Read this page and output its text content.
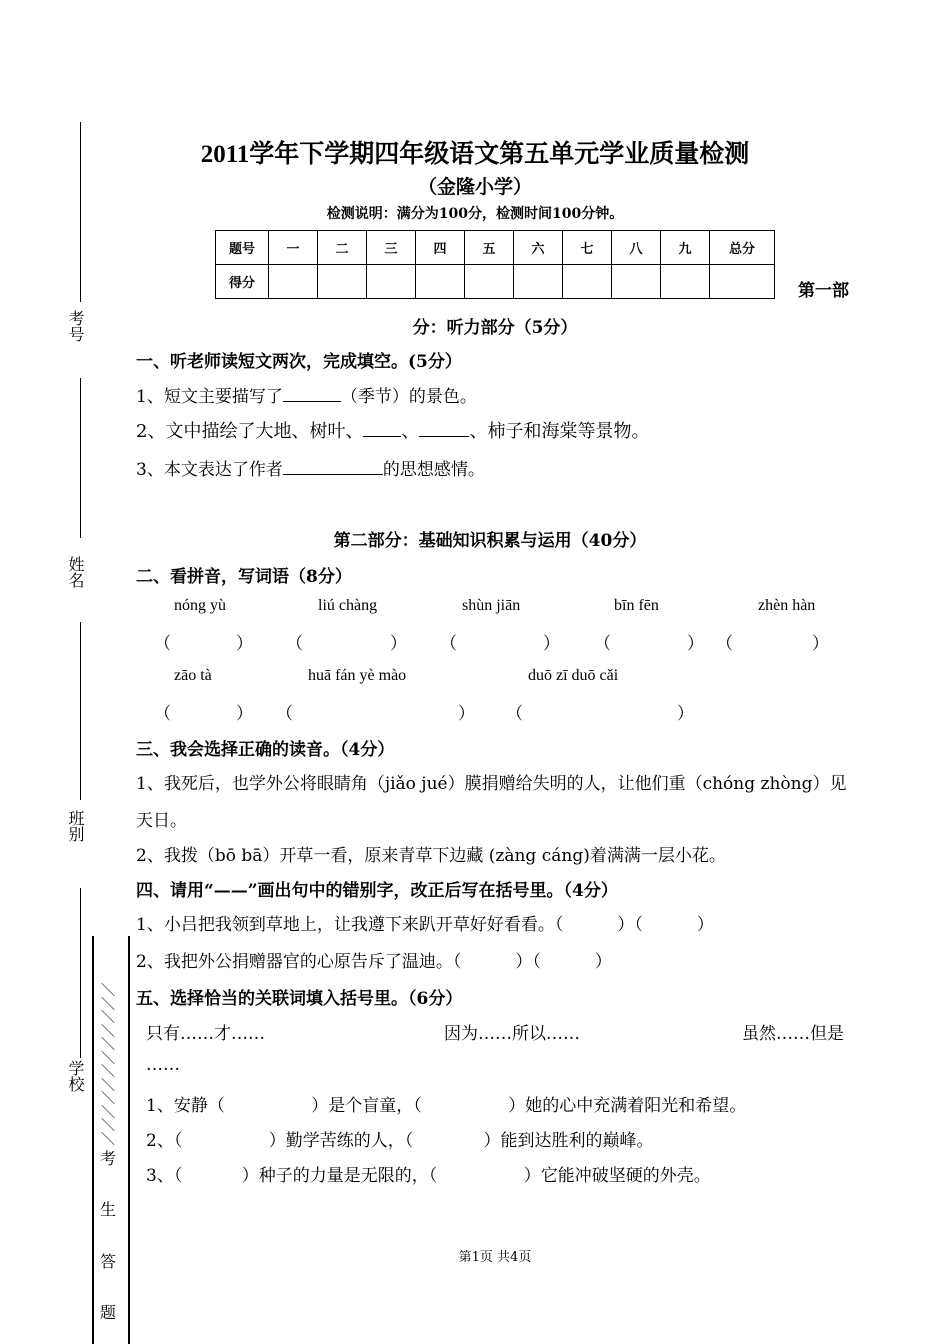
2011学年下学期四年级语文第五单元学业质量检测
（金隆小学）
检测说明：满分为100分，检测时间100分钟。
题号	一	二	三	四	五	六	七	八	九	总分
得分											第一部
分：听力部分（5分）
一、听老师读短文两次，完成填空。(5分）
1、短文主要描写了	（季节）的景色。
2、文中描绘了大地、树叶、 、	、柿子和海棠等景物。
3、本文表达了作者	的思想感情。
第二部分：基础知识积累与运用（40分）
二、看拼音，写词语（8分）
nóng yù	liú chàng	shùn jiān	bīn fēn	zhèn hàn
（	） （	） （	） （	） （	）
zāo tà	huā fán yè mào	duō zī duō cǎi
（	） （	） （	）
三、我会选择正确的读音。（4分）
1、我死后，也学外公将眼睛角（jiǎo jué）膜捐赠给失明的人，让他们重（chóng zhòng）见
天日。
2、我拨（bō bā）开草一看，原来青草下边藏 (zàng cáng)着满满一层小花。
四、请用“——”画出句中的错别字，改正后写在括号里。（4分）
1、小吕把我领到草地上，让我遵下来趴开草好好看看。（          ）（          ）
2、我把外公捐赠器官的心原告斥了温迪。（          ）（          ）
五、选择恰当的关联词填入括号里。（6分）
只有……才……	因为……所以……	虽然……但是
……
1、安静（                ）是个盲童，（                ）她的心中充满着阳光和希望。
2、（                ）勤学苦练的人，（             ）能到达胜利的巅峰。
3、（           ）种子的力量是无限的，（                ）它能冲破坚硬的外壳。
第1页 共4页
考号
姓名
班别
学校
＼
＼
＼
＼
＼
＼
＼
＼
＼
＼
＼
＼
考
生
答
题
